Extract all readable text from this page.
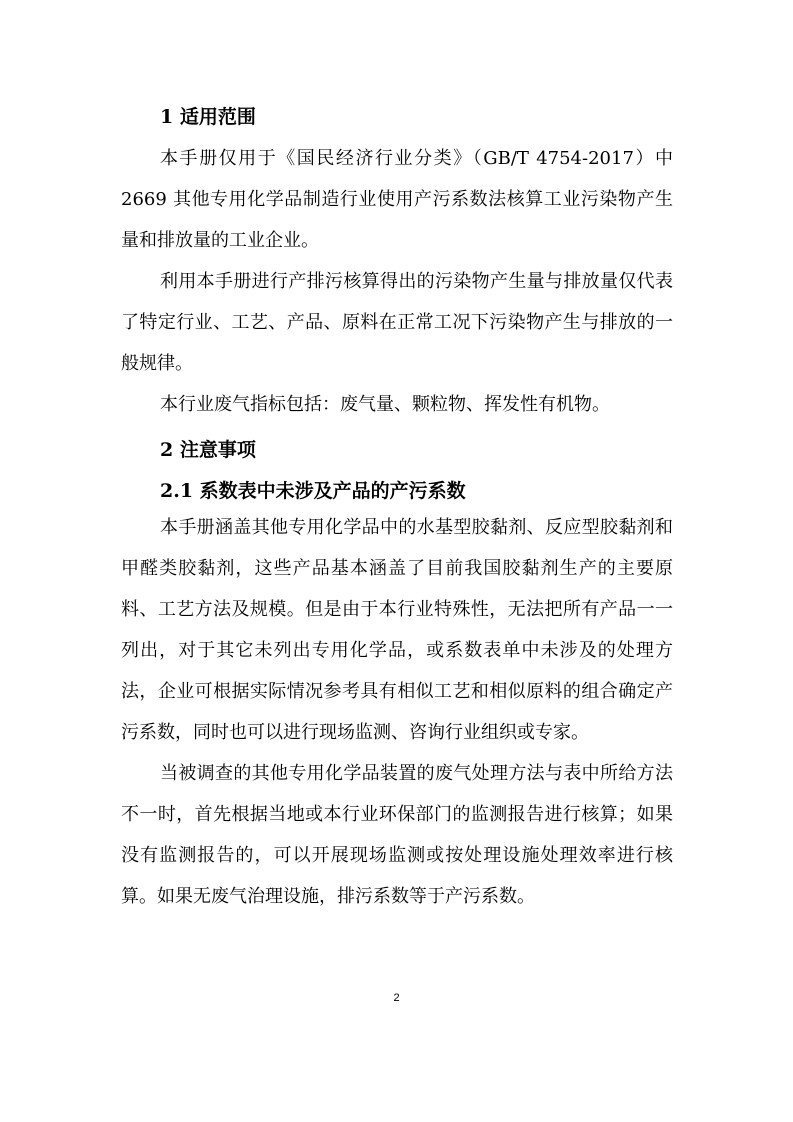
1 适用范围

本手册仅用于《国民经济行业分类》（GB/T 4754-2017）中 2669 其他专用化学品制造行业使用产污系数法核算工业污染物产生量和排放量的工业企业。

利用本手册进行产排污核算得出的污染物产生量与排放量仅代表了特定行业、工艺、产品、原料在正常工况下污染物产生与排放的一般规律。

本行业废气指标包括：废气量、颗粒物、挥发性有机物。

2 注意事项
2.1 系数表中未涉及产品的产污系数

本手册涵盖其他专用化学品中的水基型胶黏剂、反应型胶黏剂和甲醛类胶黏剂，这些产品基本涵盖了目前我国胶黏剂生产的主要原料、工艺方法及规模。但是由于本行业特殊性，无法把所有产品一一列出，对于其它未列出专用化学品，或系数表单中未涉及的处理方法，企业可根据实际情况参考具有相似工艺和相似原料的组合确定产污系数，同时也可以进行现场监测、咨询行业组织或专家。

当被调查的其他专用化学品装置的废气处理方法与表中所给方法不一时，首先根据当地或本行业环保部门的监测报告进行核算；如果没有监测报告的，可以开展现场监测或按处理设施处理效率进行核算。如果无废气治理设施，排污系数等于产污系数。

2
